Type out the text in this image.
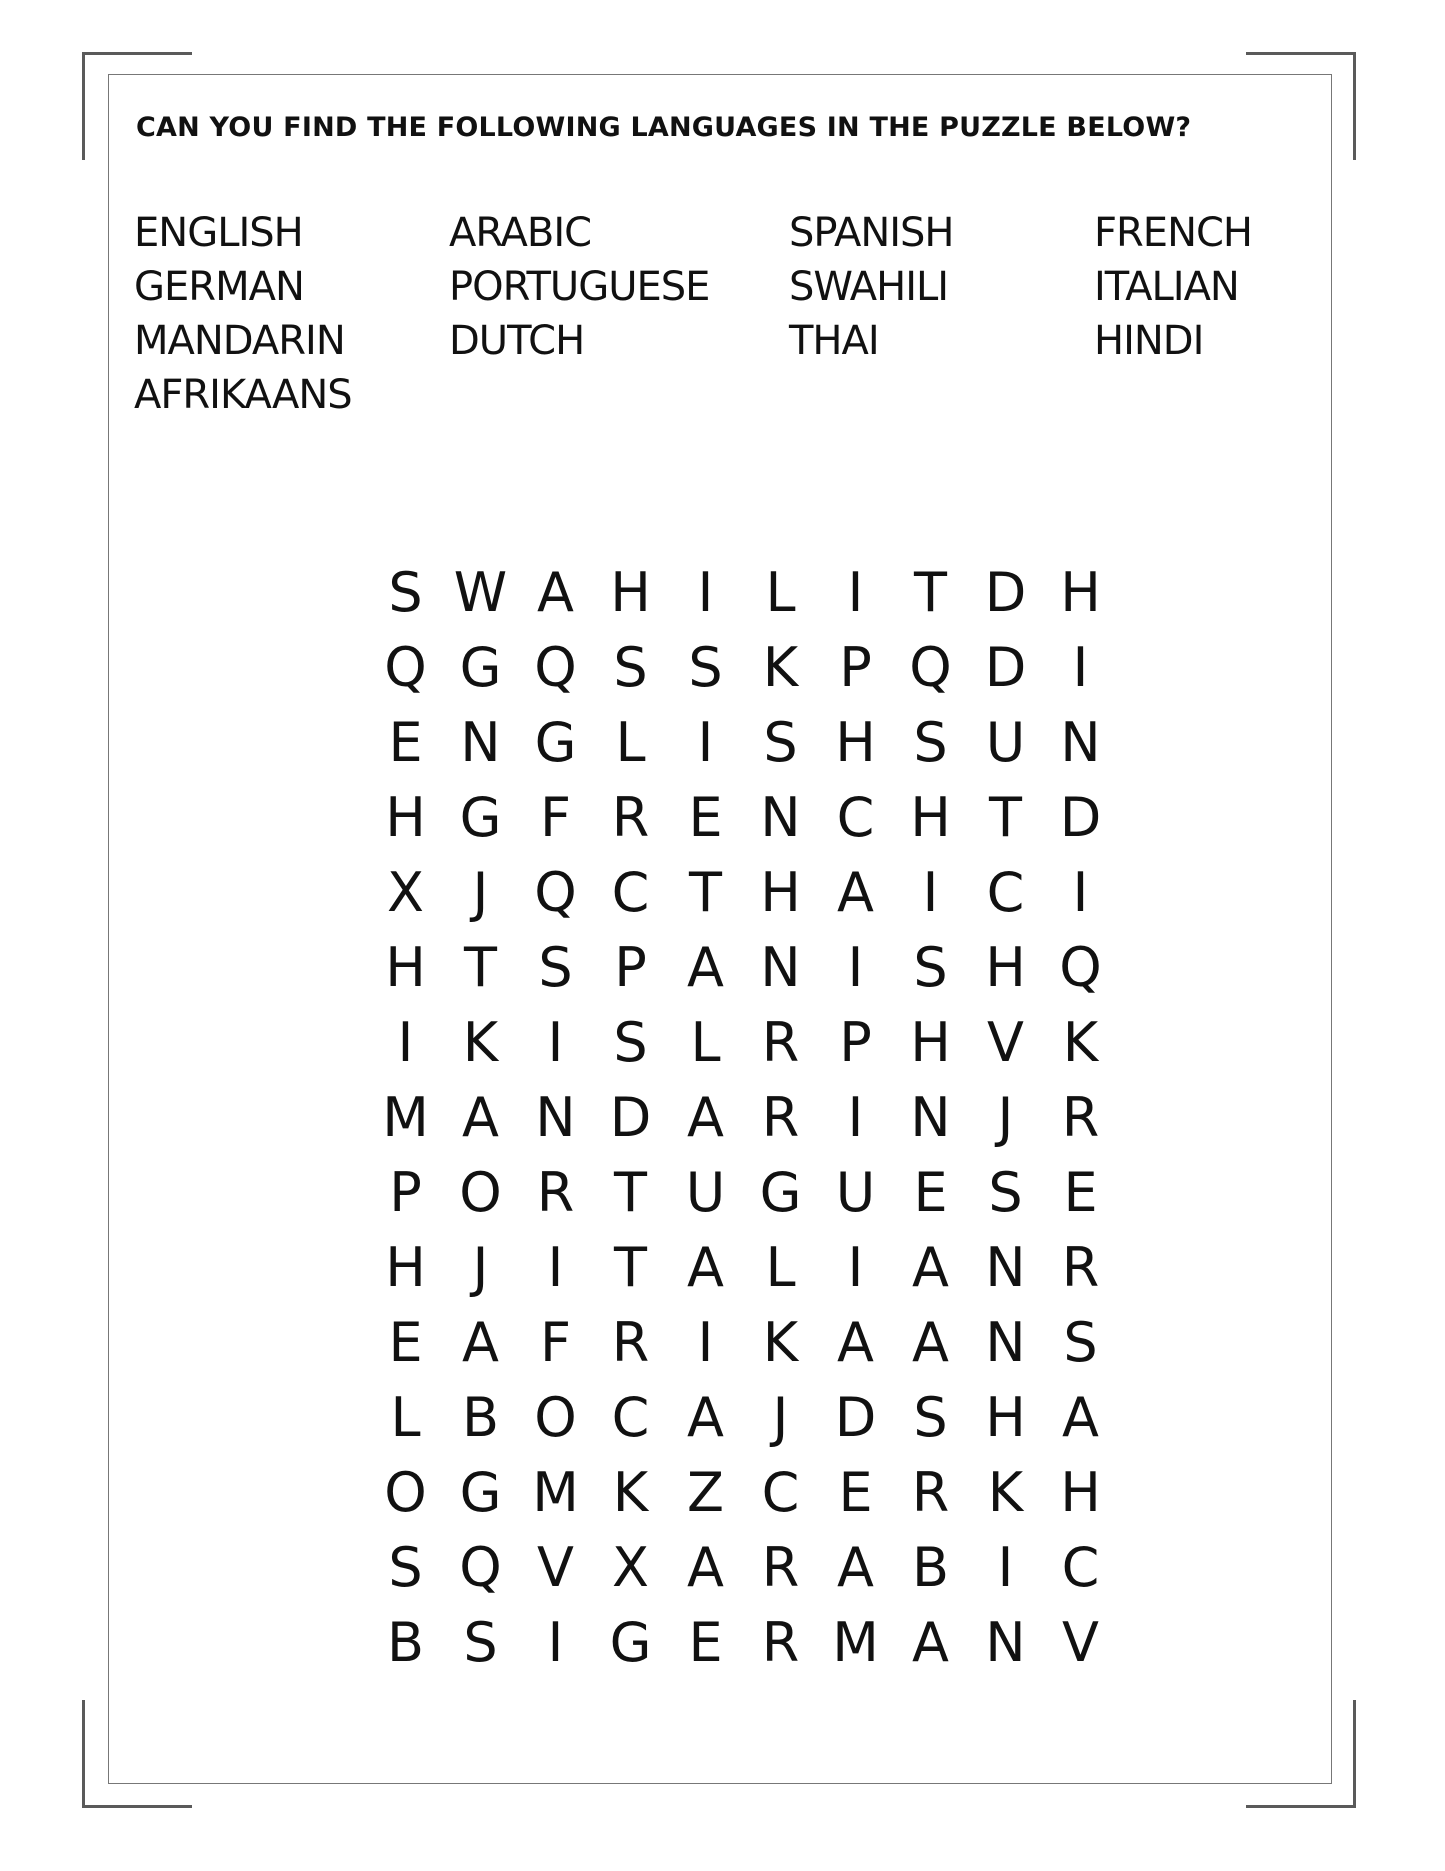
CAN YOU FIND THE FOLLOWING LANGUAGES IN THE PUZZLE BELOW?
ENGLISH	ARABIC	SPANISH	FRENCH
GERMAN	PORTUGUESE	SWAHILI	ITALIAN
MANDARIN	DUTCH	THAI	HINDI
AFRIKAANS
S W A H I L I T D H
Q G Q S S K P Q D I
E N G L I S H S U N
H G F R E N C H T D
X J Q C T H A I C I
H T S P A N I S H Q
I K I S L R P H V K
M A N D A R I N J R
P O R T U G U E S E
H J	I T A L I A N R
E A F R I K A A N S
L B O C A J D S H A
O G M K Z C E R K H
S Q V X A R A B I C
B S I G E R M A N V
